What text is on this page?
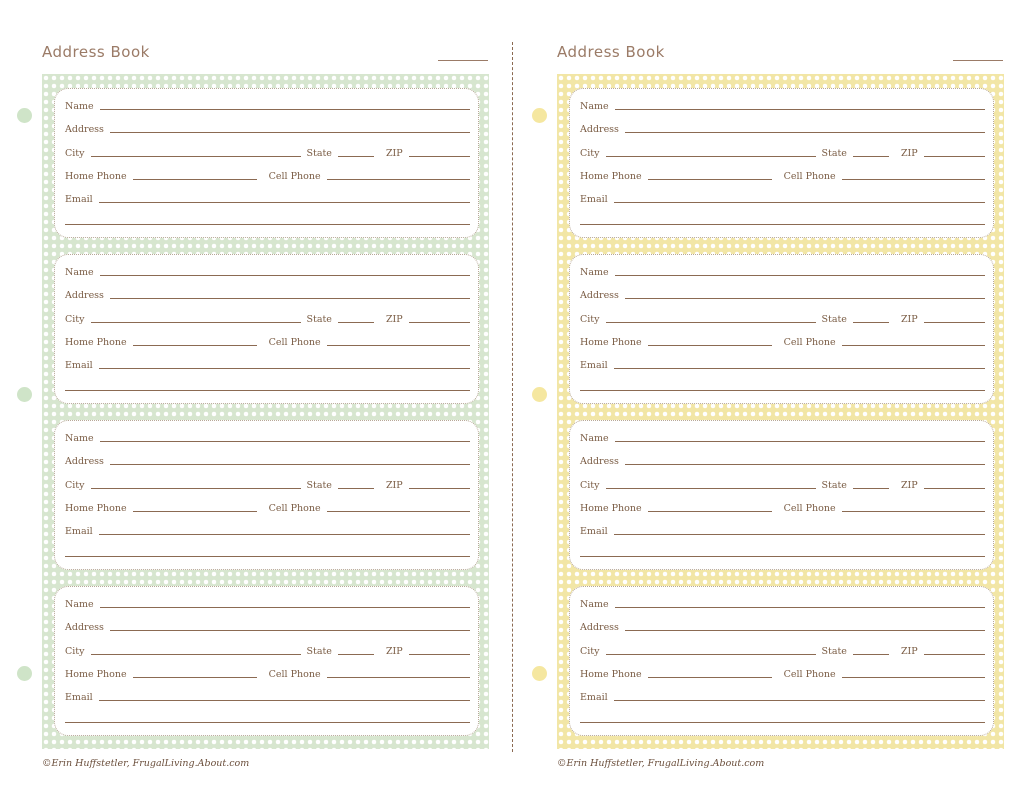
Address Book
Name
Address
City	State	ZIP
Home Phone	Cell Phone
Email
Name
Address
City	State	ZIP
Home Phone	Cell Phone
Email
Name
Address
City	State	ZIP
Home Phone	Cell Phone
Email
Name
Address
City	State	ZIP
Home Phone	Cell Phone
Email
©Erin Huffstetler, FrugalLiving.About.com
Address Book
Name
Address
City	State	ZIP
Home Phone	Cell Phone
Email
Name
Address
City	State	ZIP
Home Phone	Cell Phone
Email
Name
Address
City	State	ZIP
Home Phone	Cell Phone
Email
Name
Address
City	State	ZIP
Home Phone	Cell Phone
Email
©Erin Huffstetler, FrugalLiving.About.com
